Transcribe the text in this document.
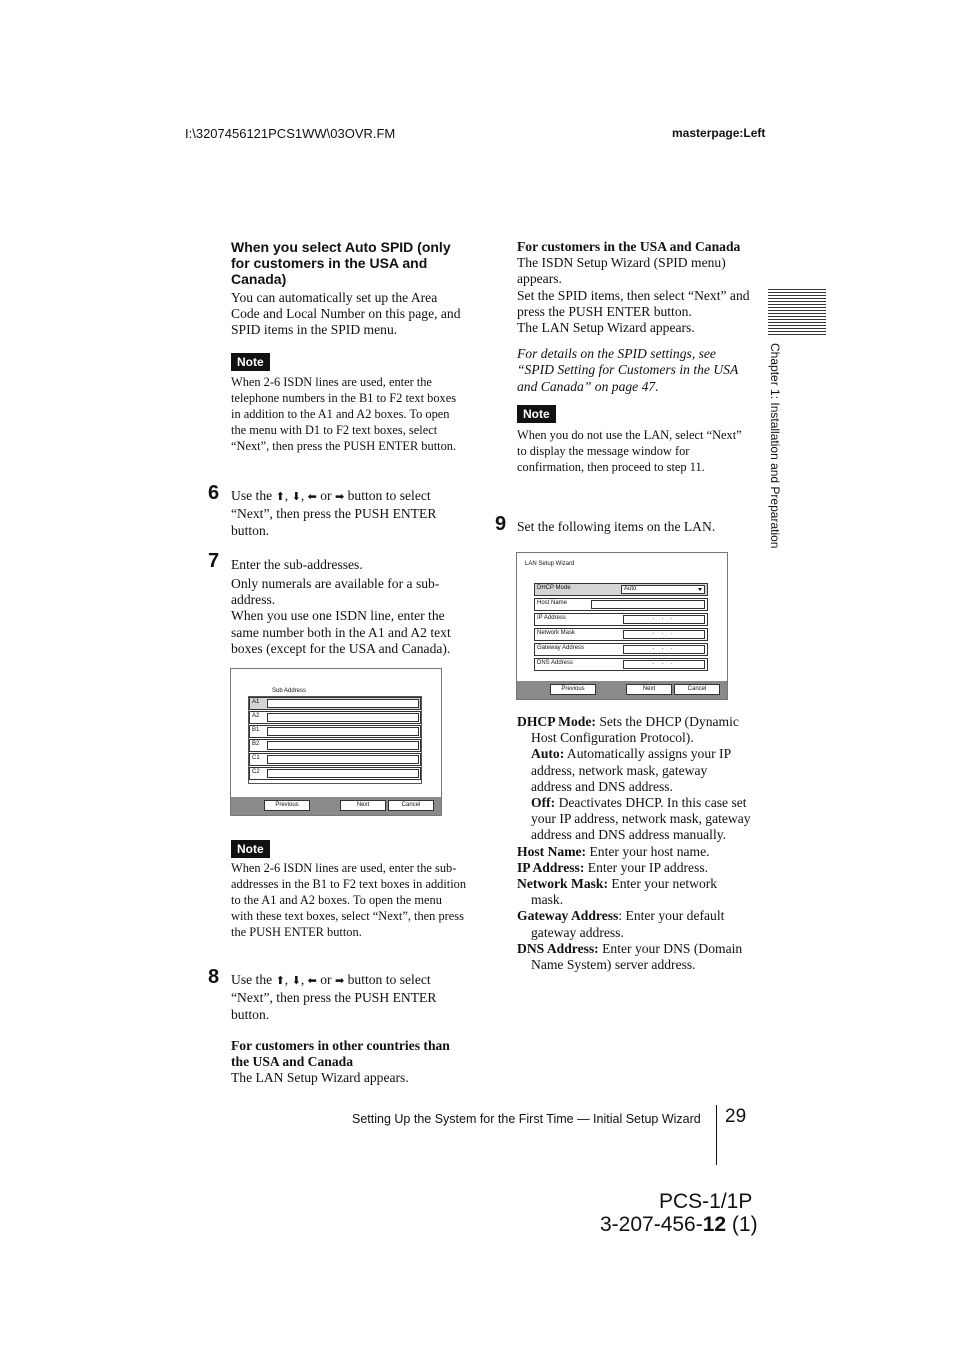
I:\3207456121PCS1WW\03OVR.FM	masterpage:Left
When you select Auto SPID (only for customers in the USA and Canada)
You can automatically set up the Area Code and Local Number on this page, and SPID items in the SPID menu.
Note
When 2-6 ISDN lines are used, enter the telephone numbers in the B1 to F2 text boxes in addition to the A1 and A2 boxes. To open the menu with D1 to F2 text boxes, select “Next”, then press the PUSH ENTER button.
6 Use the ⬆, ⬇, ⬅ or ➡ button to select “Next”, then press the PUSH ENTER button.
7 Enter the sub-addresses.
Only numerals are available for a sub-address.
When you use one ISDN line, enter the same number both in the A1 and A2 text boxes (except for the USA and Canada).
Sub Address
A1
A2
B1
B2
C1
C2
Previous	Next	Cancel
Note
When 2-6 ISDN lines are used, enter the sub-addresses in the B1 to F2 text boxes in addition to the A1 and A2 boxes. To open the menu with these text boxes, select “Next”, then press the PUSH ENTER button.
8 Use the ⬆, ⬇, ⬅ or ➡ button to select “Next”, then press the PUSH ENTER button.
For customers in other countries than the USA and Canada
The LAN Setup Wizard appears.
For customers in the USA and Canada
The ISDN Setup Wizard (SPID menu) appears.
Set the SPID items, then select “Next” and press the PUSH ENTER button.
The LAN Setup Wizard appears.
For details on the SPID settings, see “SPID Setting for Customers in the USA and Canada” on page 47.
Note
When you do not use the LAN, select “Next” to display the message window for confirmation, then proceed to step 11.
9 Set the following items on the LAN.
LAN Setup Wizard
DHCP Mode	Auto
Host Name
IP Address	. . .
Network Mask	. . .
Gateway Address	. . .
DNS Address	. . .
Previous	Next	Cancel
DHCP Mode: Sets the DHCP (Dynamic Host Configuration Protocol).
Auto: Automatically assigns your IP address, network mask, gateway address and DNS address.
Off: Deactivates DHCP. In this case set your IP address, network mask, gateway address and DNS address manually.
Host Name: Enter your host name.
IP Address: Enter your IP address.
Network Mask: Enter your network mask.
Gateway Address: Enter your default gateway address.
DNS Address: Enter your DNS (Domain Name System) server address.
Chapter 1: Installation and Preparation
Setting Up the System for the First Time — Initial Setup Wizard 29
PCS-1/1P
3-207-456-12 (1)
